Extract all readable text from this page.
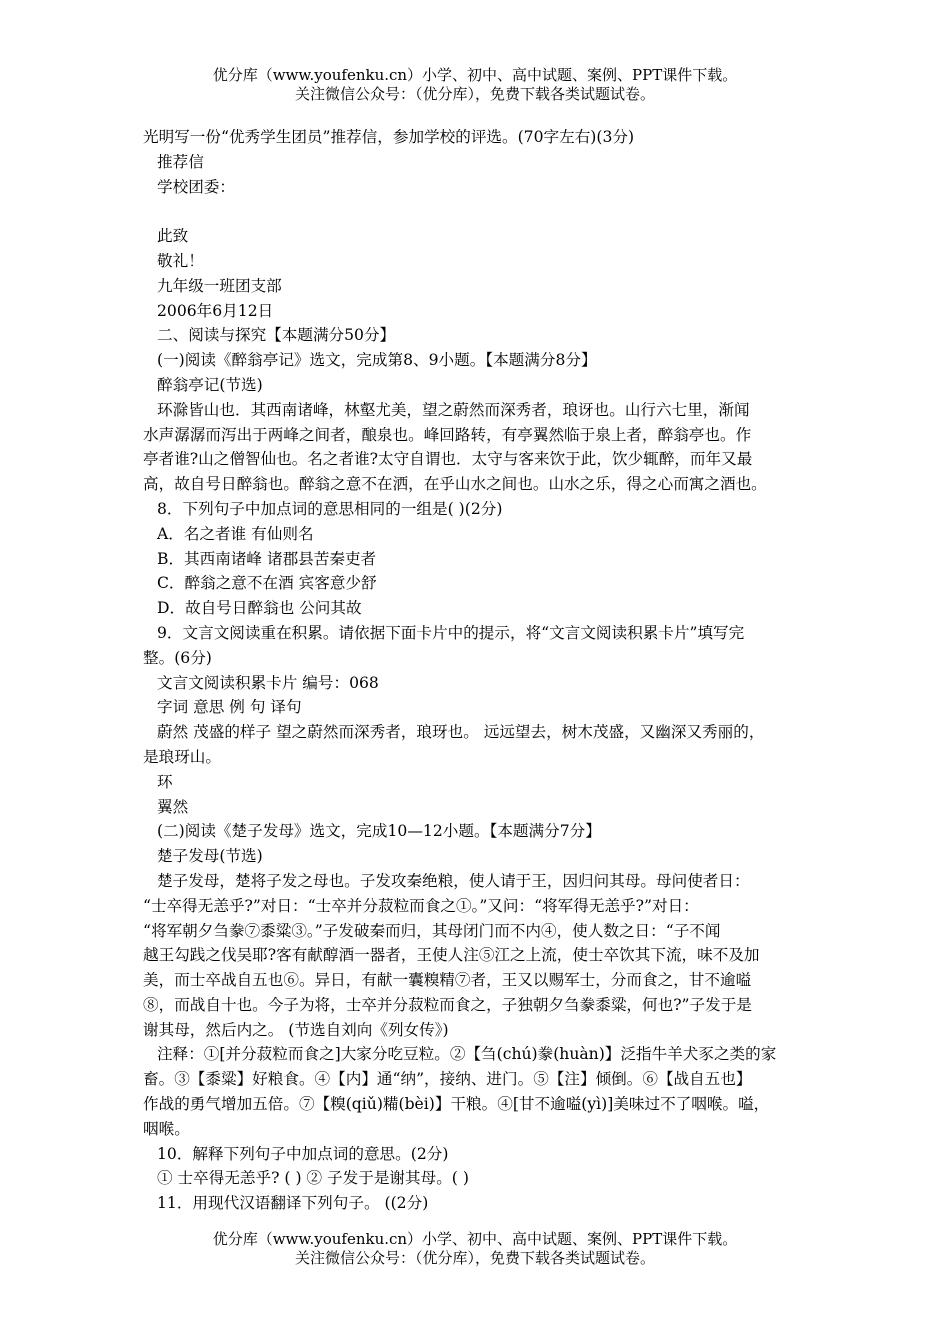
优分库（www.youfenku.cn）小学、初中、高中试题、案例、PPT课件下载。
关注微信公众号：（优分库），免费下载各类试题试卷。

光明写一份“优秀学生团员”推荐信，参加学校的评选。(70字左右)(3分)

推荐信

学校团委：

此致

敬礼！

九年级一班团支部

2006年6月12日

二、阅读与探究【本题满分50分】

(一)阅读《醉翁亭记》选文，完成第8、9小题。【本题满分8分】

醉翁亭记(节选)

环滁皆山也．其西南诸峰，林壑尤美，望之蔚然而深秀者，琅讶也。山行六七里，渐闻

水声潺潺而泻出于两峰之间者，酿泉也。峰回路转，有亭翼然临于泉上者，醉翁亭也。作

亭者谁?山之僧智仙也。名之者谁?太守自谓也．太守与客来饮于此，饮少辄醉，而年又最

高，故自号日醉翁也。醉翁之意不在洒，在乎山水之间也。山水之乐，得之心而寓之酒也。

8．下列句子中加点词的意思相同的一组是( )(2分)

A．名之者谁 有仙则名

B．其西南诸峰 诸郡县苦秦吏者

C．醉翁之意不在酒 宾客意少舒

D．故自号日醉翁也 公问其故

9．文言文阅读重在积累。请依据下面卡片中的提示，将“文言文阅读积累卡片”填写完

整。(6分)

文言文阅读积累卡片 编号：068

字词 意思 例 句 译句

蔚然 茂盛的样子 望之蔚然而深秀者，琅玡也。 远远望去，树木茂盛，又幽深又秀丽的，

是琅玡山。

环

翼然

(二)阅读《楚子发母》选文，完成10—12小题。【本题满分7分】

楚子发母(节选)

楚子发母，楚将子发之母也。子发攻秦绝粮，使人请于王，因归问其母。母问使者日：

“士卒得无恙乎?”对日：“士卒并分菽粒而食之①。”又问：“将军得无恙乎?”对日：

“将军朝夕刍豢⑦黍粱③。”子发破秦而归，其母闭门而不内④，使人数之日：“子不闻

越王勾践之伐吴耶?客有献醇酒一器者，王使人注⑤江之上流，使士卒饮其下流，味不及加

美，而士卒战自五也⑥。异日，有献一囊糗精⑦者，王又以赐军士，分而食之，甘不逾嗌

⑧，而战自十也。今子为将，士卒并分菽粒而食之，子独朝夕刍豢黍粱，何也?”子发于是

谢其母，然后内之。 (节选自刘向《列女传》)

注释：①[并分菽粒而食之]大家分吃豆粒。②【刍(chú)豢(huàn)】泛指牛羊犬豕之类的家

畜。③【黍粱】好粮食。④【内】通“纳”，接纳、进门。⑤【注】倾倒。⑥【战自五也】

作战的勇气增加五倍。⑦【糗(qiǔ)糒(bèi)】干粮。④[甘不逾嗌(yì)]美味过不了咽喉。嗌，

咽喉。

10．解释下列句子中加点词的意思。(2分)

① 士卒得无恙乎? ( ) ② 子发于是谢其母。( )

11．用现代汉语翻译下列句子。 ((2分)

优分库（www.youfenku.cn）小学、初中、高中试题、案例、PPT课件下载。
关注微信公众号：（优分库），免费下载各类试题试卷。
